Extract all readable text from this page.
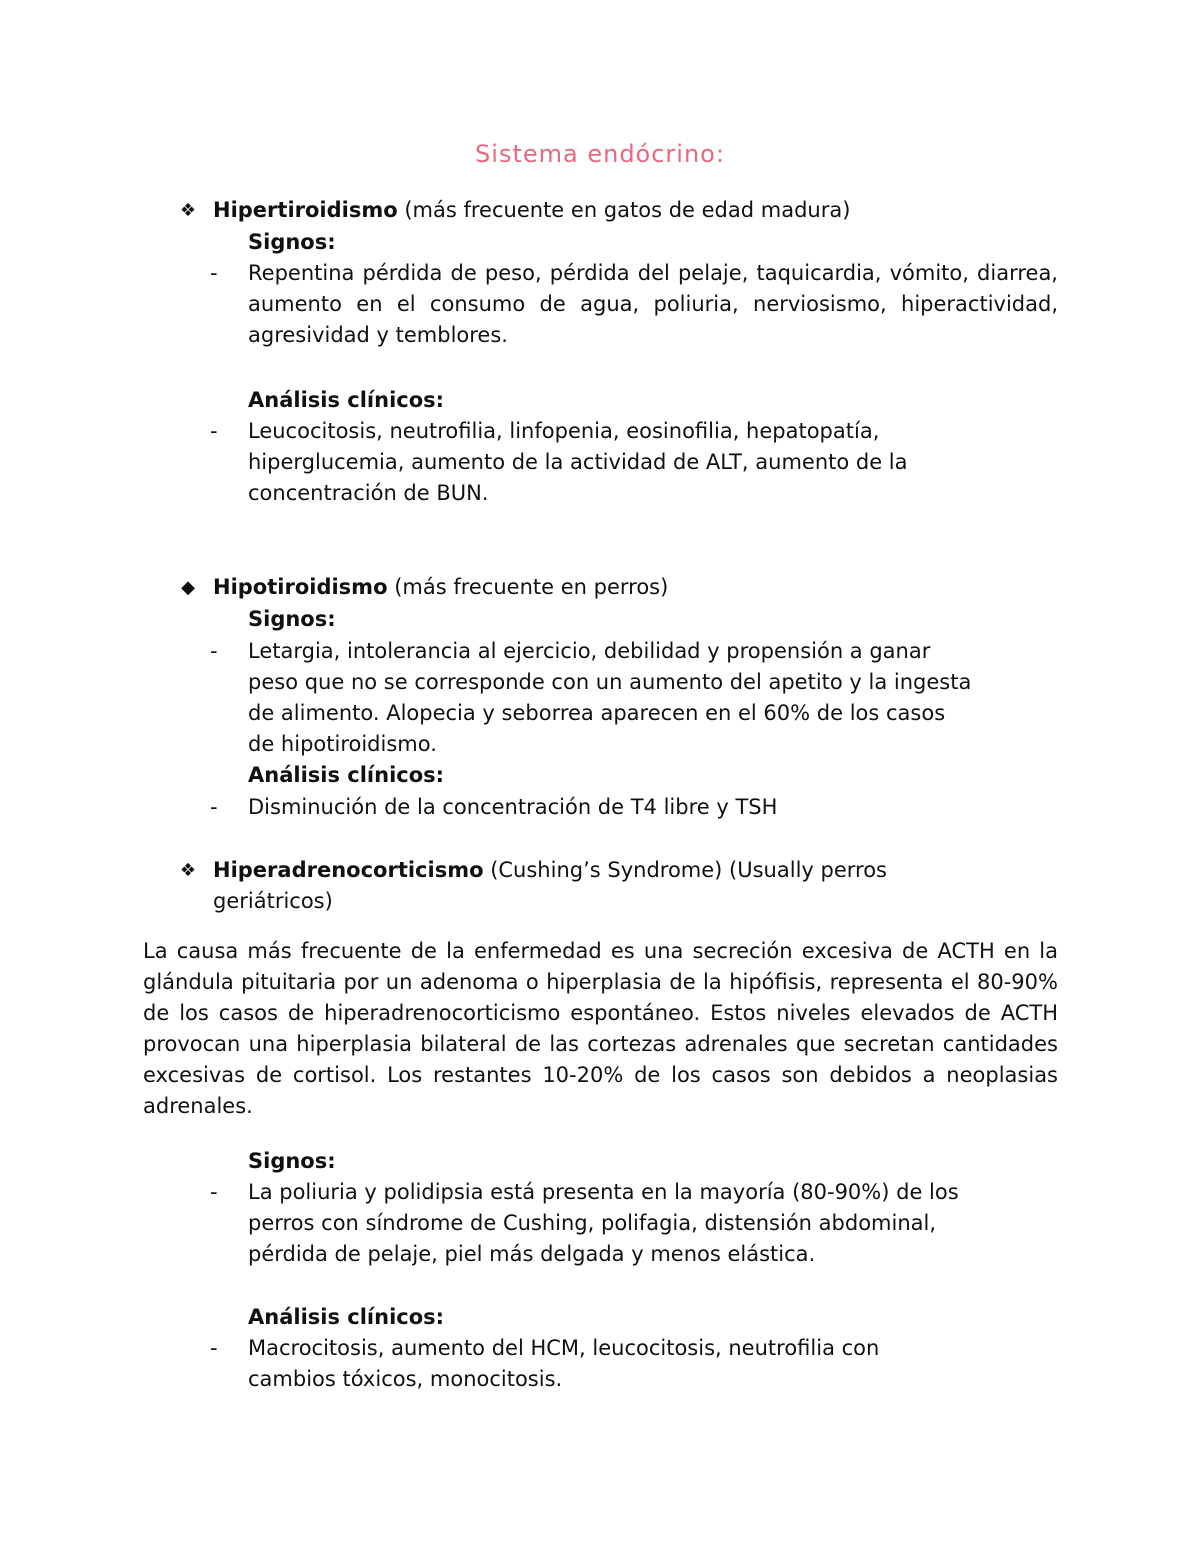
Sistema endócrino:
❖ Hipertiroidismo (más frecuente en gatos de edad madura)
Signos:
- Repentina pérdida de peso, pérdida del pelaje, taquicardia, vómito, diarrea, aumento en el consumo de agua, poliuria, nerviosismo, hiperactividad, agresividad y temblores.
Análisis clínicos:
- Leucocitosis, neutrofilia, linfopenia, eosinofilia, hepatopatía,
hiperglucemia, aumento de la actividad de ALT, aumento de la
concentración de BUN.
◆ Hipotiroidismo (más frecuente en perros)
Signos:
- Letargia, intolerancia al ejercicio, debilidad y propensión a ganar
peso que no se corresponde con un aumento del apetito y la ingesta
de alimento. Alopecia y seborrea aparecen en el 60% de los casos
de hipotiroidismo.
Análisis clínicos:
- Disminución de la concentración de T4 libre y TSH
❖ Hiperadrenocorticismo (Cushing’s Syndrome) (Usually perros
geriátricos)
La causa más frecuente de la enfermedad es una secreción excesiva de ACTH en la glándula pituitaria por un adenoma o hiperplasia de la hipófisis, representa el 80-90% de los casos de hiperadrenocorticismo espontáneo. Estos niveles elevados de ACTH provocan una hiperplasia bilateral de las cortezas adrenales que secretan cantidades excesivas de cortisol. Los restantes 10-20% de los casos son debidos a neoplasias adrenales.
Signos:
- La poliuria y polidipsia está presenta en la mayoría (80-90%) de los
perros con síndrome de Cushing, polifagia, distensión abdominal,
pérdida de pelaje, piel más delgada y menos elástica.
Análisis clínicos:
- Macrocitosis, aumento del HCM, leucocitosis, neutrofilia con
cambios tóxicos, monocitosis.
